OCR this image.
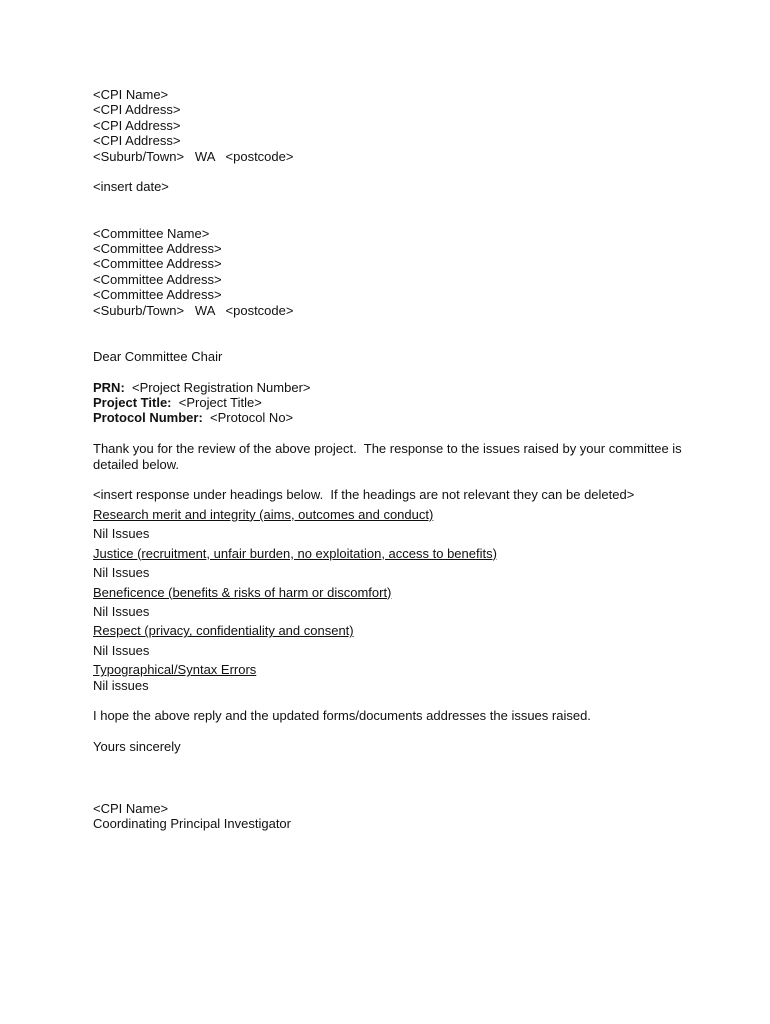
<CPI Name>
<CPI Address>
<CPI Address>
<CPI Address>
<Suburb/Town> WA <postcode>
<insert date>
<Committee Name>
<Committee Address>
<Committee Address>
<Committee Address>
<Committee Address>
<Suburb/Town> WA <postcode>
Dear Committee Chair
PRN: <Project Registration Number>
Project Title: <Project Title>
Protocol Number: <Protocol No>
Thank you for the review of the above project.  The response to the issues raised by your committee is detailed below.
<insert response under headings below.  If the headings are not relevant they can be deleted>
Research merit and integrity (aims, outcomes and conduct)
Nil Issues
Justice (recruitment, unfair burden, no exploitation, access to benefits)
Nil Issues
Beneficence (benefits & risks of harm or discomfort)
Nil Issues
Respect (privacy, confidentiality and consent)
Nil Issues
Typographical/Syntax Errors
Nil issues
I hope the above reply and the updated forms/documents addresses the issues raised.
Yours sincerely
<CPI Name>
Coordinating Principal Investigator
